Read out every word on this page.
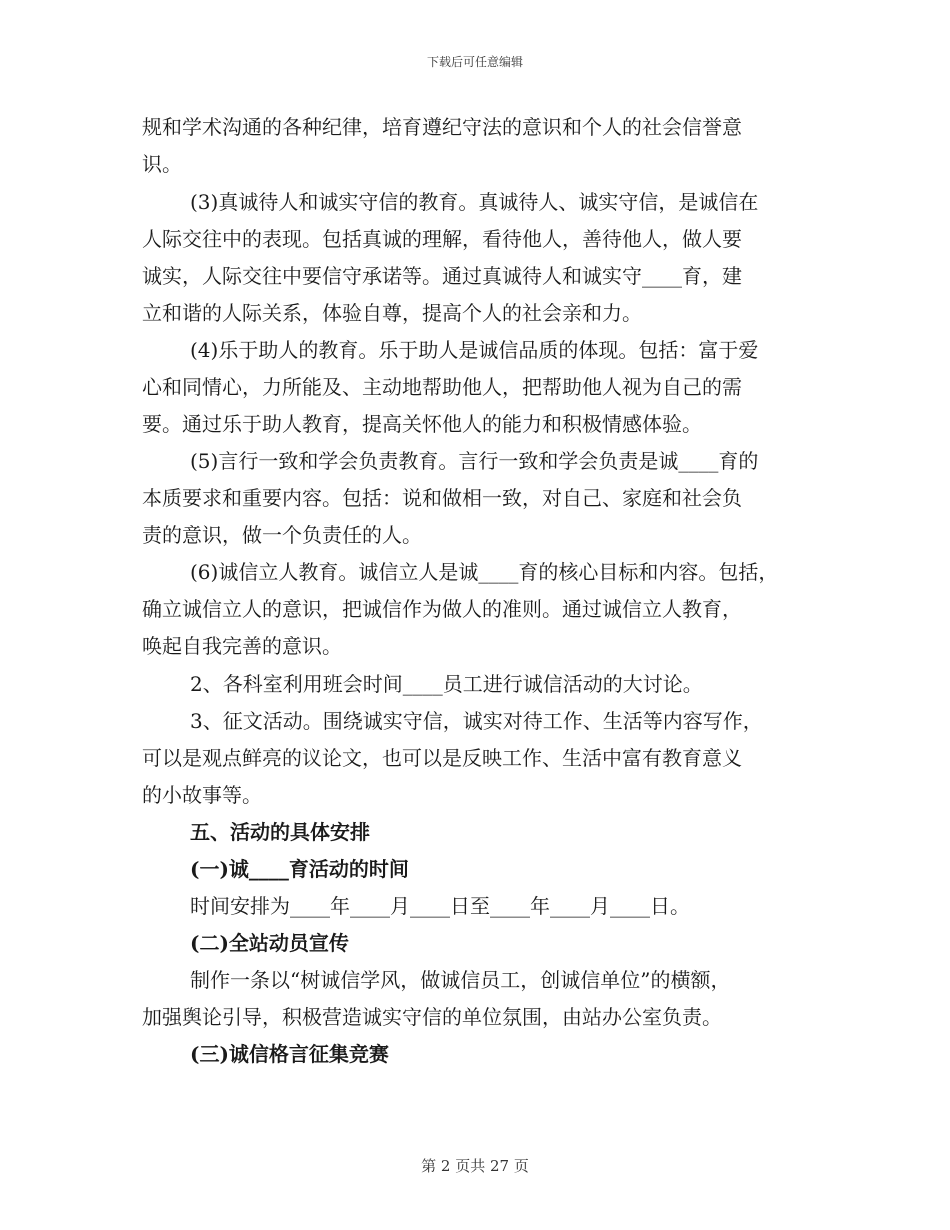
下载后可任意编辑
规和学术沟通的各种纪律，培育遵纪守法的意识和个人的社会信誉意
识。
(3)真诚待人和诚实守信的教育。真诚待人、诚实守信，是诚信在
人际交往中的表现。包括真诚的理解，看待他人，善待他人，做人要
诚实，人际交往中要信守承诺等。通过真诚待人和诚实守____育，建
立和谐的人际关系，体验自尊，提高个人的社会亲和力。
(4)乐于助人的教育。乐于助人是诚信品质的体现。包括：富于爱
心和同情心，力所能及、主动地帮助他人，把帮助他人视为自己的需
要。通过乐于助人教育，提高关怀他人的能力和积极情感体验。
(5)言行一致和学会负责教育。言行一致和学会负责是诚____育的
本质要求和重要内容。包括：说和做相一致，对自己、家庭和社会负
责的意识，做一个负责任的人。
(6)诚信立人教育。诚信立人是诚____育的核心目标和内容。包括，
确立诚信立人的意识，把诚信作为做人的准则。通过诚信立人教育，
唤起自我完善的意识。
2、各科室利用班会时间____员工进行诚信活动的大讨论。
3、征文活动。围绕诚实守信，诚实对待工作、生活等内容写作，
可以是观点鲜亮的议论文，也可以是反映工作、生活中富有教育意义
的小故事等。
五、活动的具体安排
(一)诚____育活动的时间
时间安排为____年____月____日至____年____月____日。
(二)全站动员宣传
制作一条以“树诚信学风，做诚信员工，创诚信单位”的横额，
加强舆论引导，积极营造诚实守信的单位氛围，由站办公室负责。
(三)诚信格言征集竞赛
第 2 页共 27 页
